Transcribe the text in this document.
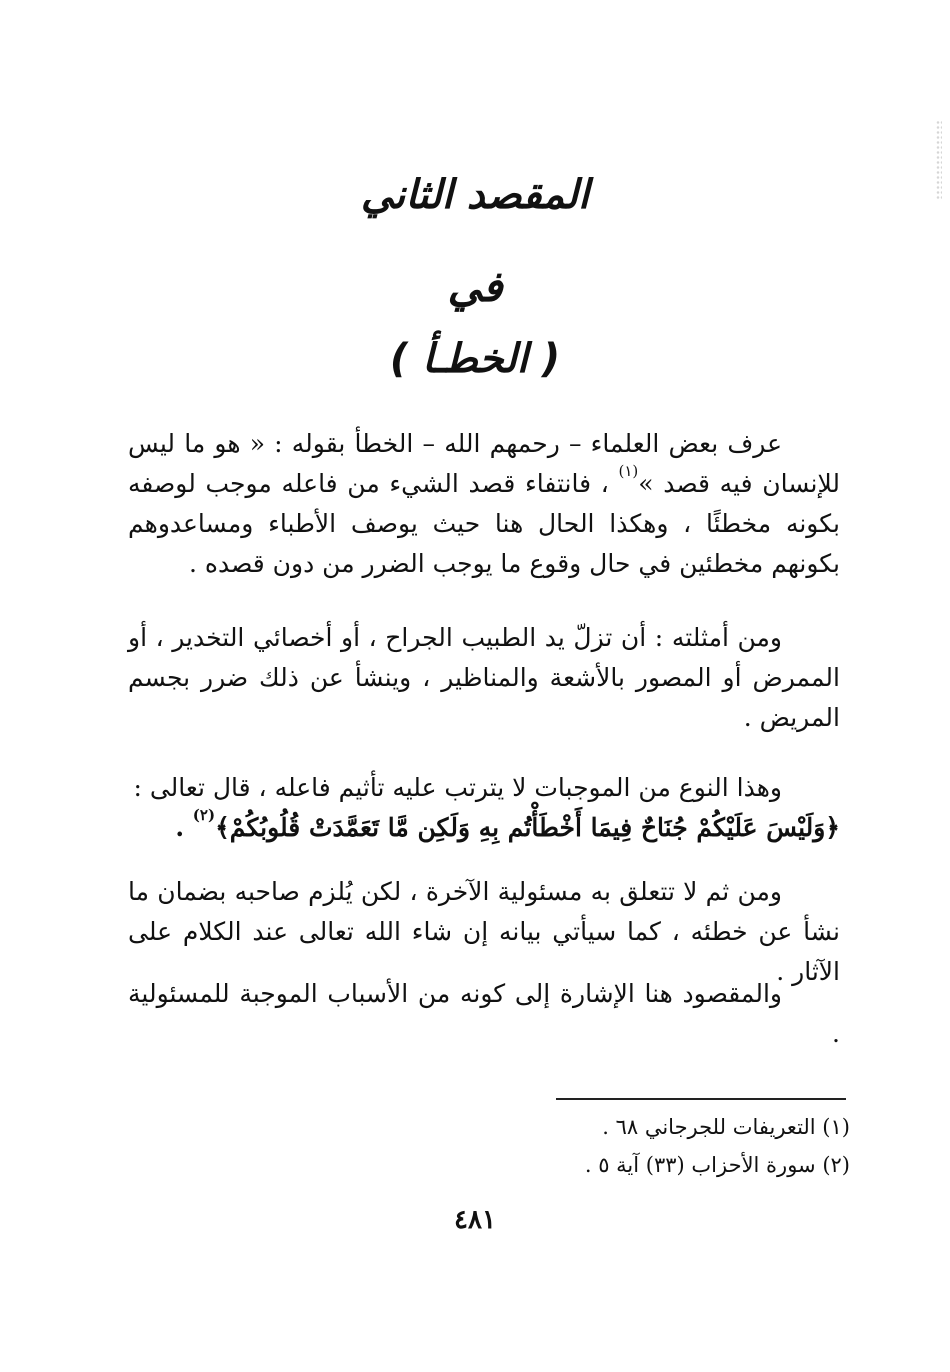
المقصد الثاني
في
( الخطـأ )
عرف بعض العلماء – رحمهم الله – الخطأ بقوله : « هو ما ليس للإنسان فيه قصد »$^{(١)}$ ، فانتفاء قصد الشيء من فاعله موجب لوصفه بكونه مخطئًا ، وهكذا الحال هنا حيث يوصف الأطباء ومساعدوهم بكونهم مخطئين في حال وقوع ما يوجب الضرر من دون قصده .
ومن أمثلته : أن تزلّ يد الطبيب الجراح ، أو أخصائي التخدير ، أو الممرض أو المصور بالأشعة والمناظير ، وينشأ عن ذلك ضرر بجسم المريض .
وهذا النوع من الموجبات لا يترتب عليه تأثيم فاعله ، قال تعالى :
﴿وَلَيْسَ عَلَيْكُمْ جُنَاحٌ فِيمَا أَخْطَأْتُم بِهِ وَلَكِن مَّا تَعَمَّدَتْ قُلُوبُكُمْ﴾$^{(٢)}$ .
ومن ثم لا تتعلق به مسئولية الآخرة ، لكن يُلزم صاحبه بضمان ما نشأ عن خطئه ، كما سيأتي بيانه إن شاء الله تعالى عند الكلام على الآثار .
والمقصود هنا الإشارة إلى كونه من الأسباب الموجبة للمسئولية .
(١) التعريفات للجرجاني ٦٨ .
(٢) سورة الأحزاب (٣٣) آية ٥ .
٤٨١
